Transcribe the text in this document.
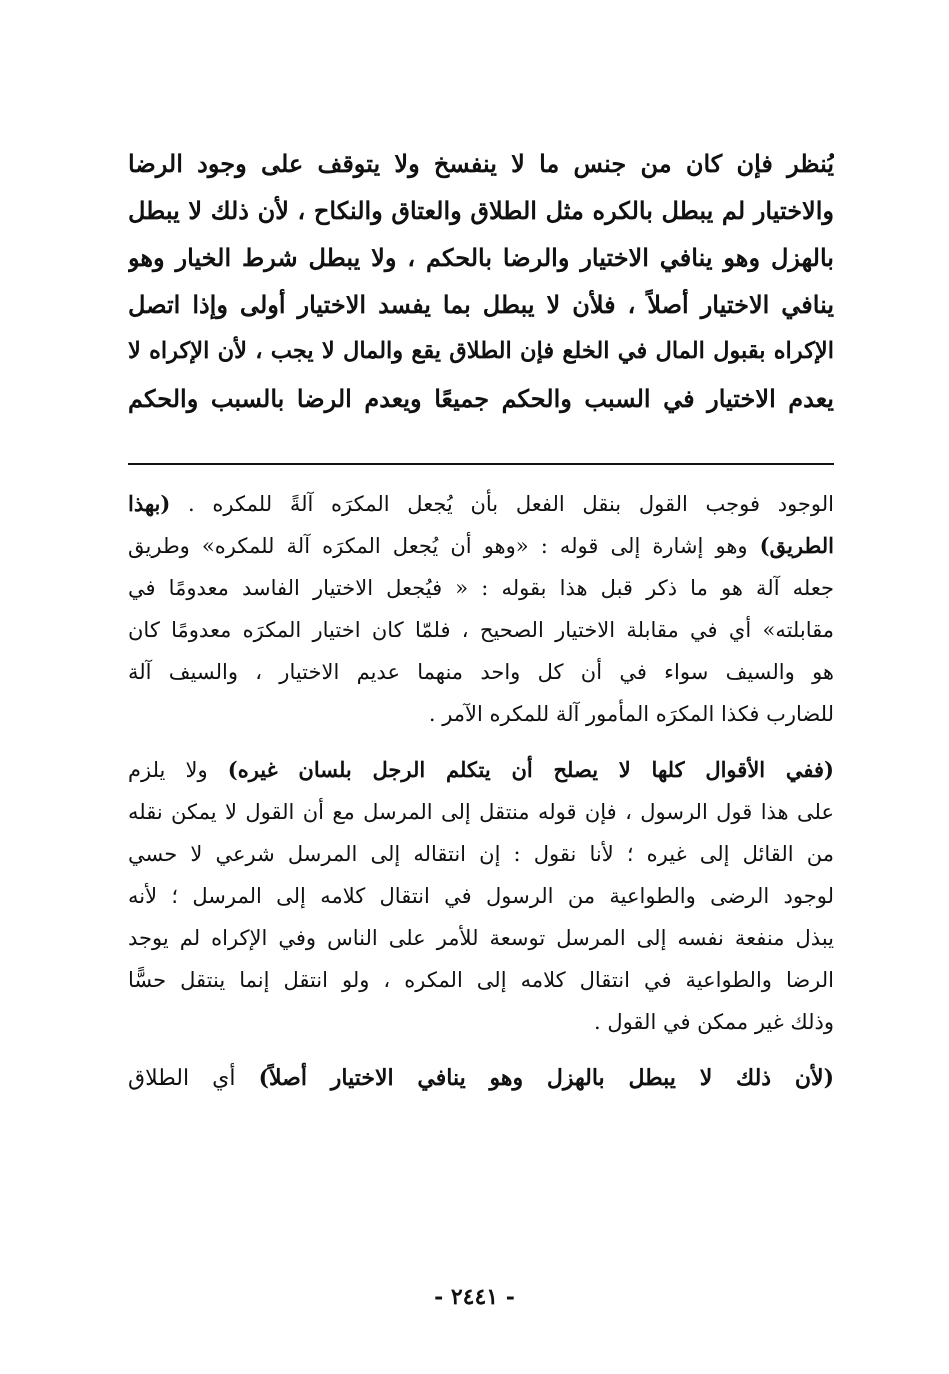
يُنظر فإن كان من جنس ما لا ينفسخ ولا يتوقف على وجود الرضا
والاختيار لم يبطل بالكره مثل الطلاق والعتاق والنكاح ، لأن ذلك لا يبطل
بالهزل وهو ينافي الاختيار والرضا بالحكم ، ولا يبطل شرط الخيار وهو
ينافي الاختيار أصلاً ، فلأن لا يبطل بما يفسد الاختيار أولى وإذا اتصل
الإكراه بقبول المال في الخلع فإن الطلاق يقع والمال لا يجب ، لأن الإكراه لا
يعدم الاختيار في السبب والحكم جميعًا ويعدم الرضا بالسبب والحكم
الوجود فوجب القول بنقل الفعل بأن يُجعل المكرَه آلةً للمكره . (بهذا
الطريق) وهو إشارة إلى قوله : «وهو أن يُجعل المكرَه آلة للمكره» وطريق
جعله آلة هو ما ذكر قبل هذا بقوله : « فيُجعل الاختيار الفاسد معدومًا في
مقابلته» أي في مقابلة الاختيار الصحيح ، فلمّا كان اختيار المكرَه معدومًا كان
هو والسيف سواء في أن كل واحد منهما عديم الاختيار ، والسيف آلة
للضارب فكذا المكرَه المأمور آلة للمكره الآمر .
(ففي الأقوال كلها لا يصلح أن يتكلم الرجل بلسان غيره) ولا يلزم
على هذا قول الرسول ، فإن قوله منتقل إلى المرسل مع أن القول لا يمكن نقله
من القائل إلى غيره ؛ لأنا نقول : إن انتقاله إلى المرسل شرعي لا حسي
لوجود الرضى والطواعية من الرسول في انتقال كلامه إلى المرسل ؛ لأنه
يبذل منفعة نفسه إلى المرسل توسعة للأمر على الناس وفي الإكراه لم يوجد
الرضا والطواعية في انتقال كلامه إلى المكره ، ولو انتقل إنما ينتقل حسًّا
وذلك غير ممكن في القول .
(لأن ذلك لا يبطل بالهزل وهو ينافي الاختيار أصلاً) أي الطلاق
- ٢٤٤١ -
